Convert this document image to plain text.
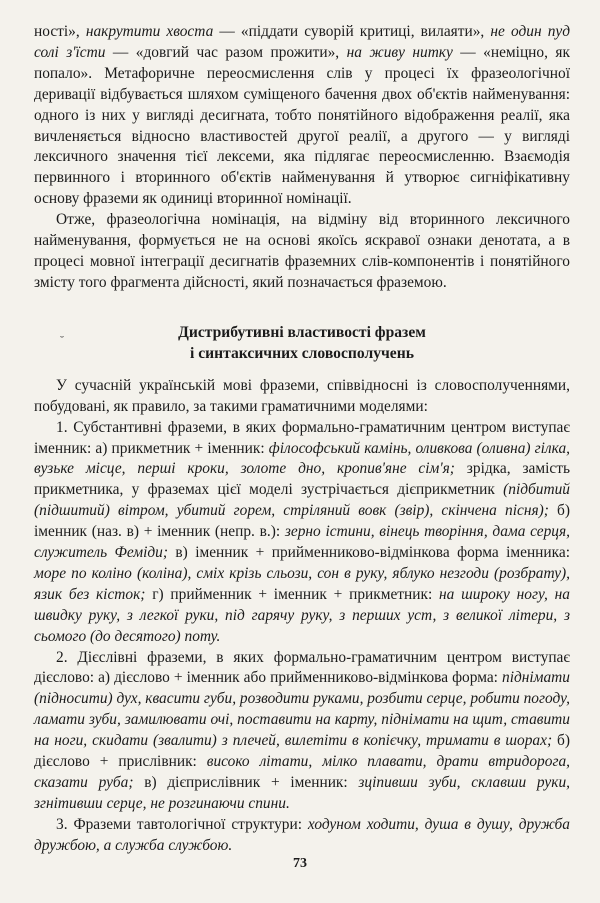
ності», накрутити хвоста — «піддати суворій критиці, вилаяти», не один пуд солі з'їсти — «довгий час разом прожити», на живу нитку — «неміцно, як попало». Метафоричне переосмислення слів у процесі їх фразеологічної деривації відбувається шляхом суміщеного бачення двох об'єктів найменування: одного із них у вигляді десигната, тобто понятійного відображення реалії, яка вичленяється відносно властивостей другої реалії, а другого — у вигляді лексичного значення тієї лексеми, яка підлягає переосмисленню. Взаємодія первинного і вторинного об'єктів найменування й утворює сигніфікативну основу фраземи як одиниці вторинної номінації.

Отже, фразеологічна номінація, на відміну від вторинного лексичного найменування, формується не на основі якоїсь яскравої ознаки денотата, а в процесі мовної інтеграції десигнатів фраземних слів-компонентів і понятійного змісту того фрагмента дійсності, який позначається фраземою.

˘	Дистрибутивні властивості фразем
і синтаксичних словосполучень

У сучасній українській мові фраземи, співвідносні із словосполученнями, побудовані, як правило, за такими граматичними моделями:

1. Субстантивні фраземи, в яких формально-граматичним центром виступає іменник: а) прикметник + іменник: філософський камінь, оливкова (оливна) гілка, вузьке місце, перші кроки, золоте дно, кропив'яне сім'я; зрідка, замість прикметника, у фраземах цієї моделі зустрічається дієприкметник (підбитий (підшитий) вітром, убитий горем, стріляний вовк (звір), скінчена пісня); б) іменник (наз. в) + іменник (непр. в.): зерно істини, вінець творіння, дама серця, служитель Феміди; в) іменник + прийменниково-відмінкова форма іменника: море по коліно (коліна), сміх крізь сльози, сон в руку, яблуко незгоди (розбрату), язик без кісток; г) прийменник + іменник + прикметник: на широку ногу, на швидку руку, з легкої руки, під гарячу руку, з перших уст, з великої літери, з сьомого (до десятого) поту.

2. Дієслівні фраземи, в яких формально-граматичним центром виступає дієслово: а) дієслово + іменник або прийменниково-відмінкова форма: піднімати (підносити) дух, квасити губи, розводити руками, розбити серце, робити погоду, ламати зуби, замилювати очі, поставити на карту, піднімати на щит, ставити на ноги, скидати (звалити) з плечей, вилетіти в копієчку, тримати в шорах; б) дієслово + прислівник: високо літати, мілко плавати, драти втридорога, сказати руба; в) дієприслівник + іменник: зціпивши зуби, склавши руки, згнітивши серце, не розгинаючи спини.

3. Фраземи тавтологічної структури: ходуном ходити, душа в душу, дружба дружбою, а служба службою.

73
